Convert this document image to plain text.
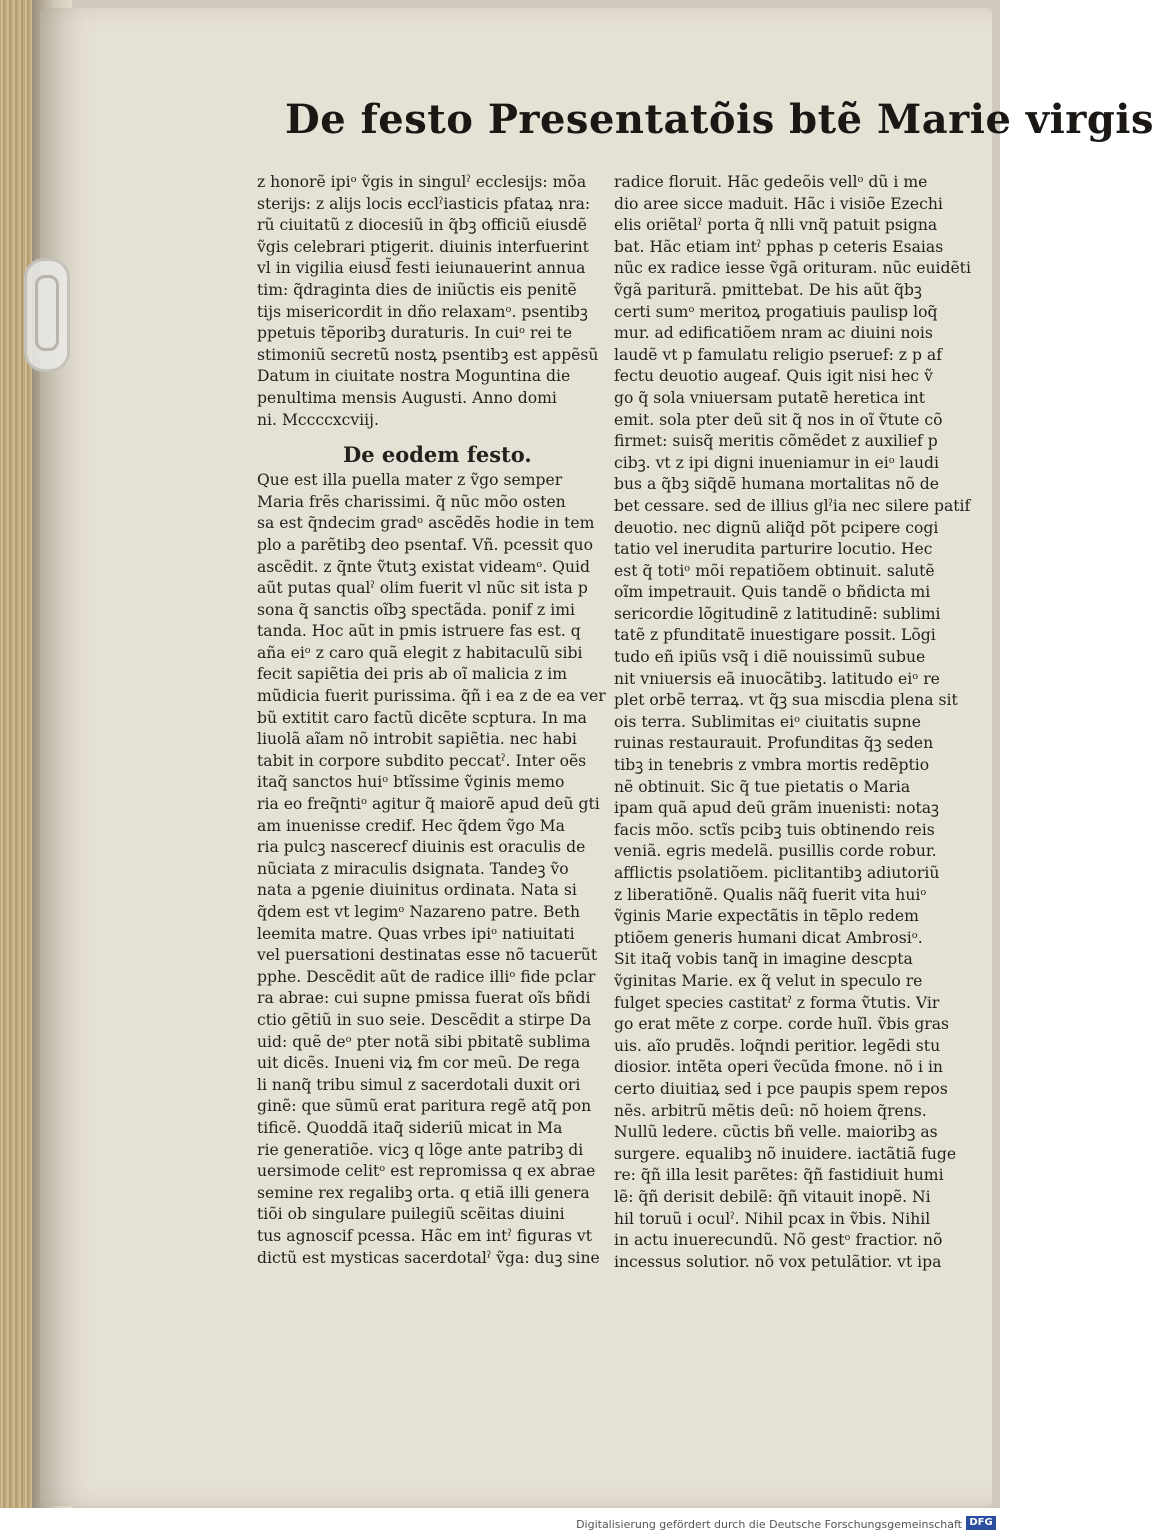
De festo Presentatõis btẽ Marie virgis
z honorẽ ipiᵒ ṽgis in singulˀ ecclesijs: mõa
sterijs: z alijs locis ecclˀiasticis pfataꝝ nra:
rũ ciuitatũ z diocesiũ in q̃bꝫ officiũ eiusdẽ
ṽgis celebrari ptigerit. diuinis interfuerint
vl in vigilia eiusd̃ festi ieiunauerint annua
tim: q̃draginta dies de iniũctis eis penitẽ
tijs misericordit in dño relaxamᵒ. psentibꝫ
ppetuis tẽporibꝫ duraturis. In cuiᵒ rei te
stimoniũ secretũ nostꝝ psentibꝫ est appẽsũ
Datum in ciuitate nostra Moguntina die
penultima mensis Augusti. Anno domi
ni. Mccccxcviij.
De eodem festo.
Que est illa puella mater z ṽgo semper
Maria frẽs charissimi. q̃ nũc mõo osten
sa est q̃ndecim gradᵒ ascẽdẽs hodie in tem
plo a parẽtibꝫ deo psentaf. Vñ. pcessit quo
ascẽdit. z q̃nte ṽtutꝫ existat videamᵒ. Quid
aũt putas qualˀ olim fuerit vl nũc sit ista p
sona q̃ sanctis oĩbꝫ spectãda. ponif z imi
tanda. Hoc aũt in pmis istruere fas est. q
aña eiᵒ z caro quã elegit z habitaculũ sibi
fecit sapiẽtia dei pris ab oĩ malicia z im
mũdicia fuerit purissima. q̃ñ i ea z de ea ver
bũ extitit caro factũ dicẽte scptura. In ma
liuolã aĩam nõ introbit sapiẽtia. nec habi
tabit in corpore subdito peccatˀ. Inter oẽs
itaq̃ sanctos huiᵒ btĩssime ṽginis memo
ria eo freq̃ntiᵒ agitur q̃ maiorẽ apud deũ gti
am inuenisse credif. Hec q̃dem ṽgo Ma
ria pulcꝫ nascerecf diuinis est oraculis de
nũciata z miraculis dsignata. Tandeꝫ ṽo
nata a pgenie diuinitus ordinata. Nata si
q̃dem est vt legimᵒ Nazareno patre. Beth
leemita matre. Quas vrbes ipiᵒ natiuitati
vel puersationi destinatas esse nõ tacuerũt
pphe. Descẽdit aũt de radice illiᵒ fide pclar
ra abrae: cui supne pmissa fuerat oĩs bñdi
ctio gẽtiũ in suo seie. Descẽdit a stirpe Da
uid: quẽ deᵒ pter notã sibi pbitatẽ sublima
uit dicẽs. Inueni viꝝ ẜm cor meũ. De rega
li nanq̃ tribu simul z sacerdotali duxit ori
ginẽ: que sũmũ erat paritura regẽ atq̃ pon
tificẽ. Quoddã itaq̃ sideriũ micat in Ma
rie generatiõe. vicꝫ q lõge ante patribꝫ di
uersimode celitᵒ est repromissa q ex abrae
semine rex regalibꝫ orta. q etiã illi genera
tiõi ob singulare puilegiũ scẽitas diuini
tus agnoscif pcessa. Hãc em intˀ figuras vt
dictũ est mysticas sacerdotalˀ ṽga: duꝫ sine
radice floruit. Hãc gedeõis vellᵒ dũ i me
dio aree sicce maduit. Hãc i visiõe Ezechi
elis oriẽtalˀ porta q̃ nlli vnq̃ patuit psigna
bat. Hãc etiam intˀ pphas p ceteris Esaias
nũc ex radice iesse ṽgã orituram. nũc euidẽti
ṽgã pariturã. pmittebat. De his aũt q̃bꝫ
certi sumᵒ meritoꝝ progatiuis paulisp loq̃
mur. ad edificatiõem nram ac diuini nois
laudẽ vt p famulatu religio pseruef: z p af
fectu deuotio augeaf. Quis igit nisi hec ṽ
go q̃ sola vniuersam putatẽ heretica int
emit. sola pter deũ sit q̃ nos in oĩ ṽtute cõ
firmet: suisq̃ meritis cõmẽdet z auxilief p
cibꝫ. vt z ipi digni inueniamur in eiᵒ laudi
bus a q̃bꝫ siq̃dẽ humana mortalitas nõ de
bet cessare. sed de illius glˀia nec silere patif
deuotio. nec dignũ aliq̃d põt pcipere cogi
tatio vel inerudita parturire locutio. Hec
est q̃ totiᵒ mõi repatiõem obtinuit. salutẽ
oĩm impetrauit. Quis tandẽ o bñdicta mi
sericordie lõgitudinẽ z latitudinẽ: sublimi
tatẽ z pfunditatẽ inuestigare possit. Lõgi
tudo eñ ipiũs vsq̃ i diẽ nouissimũ subue
nit vniuersis eã inuocãtibꝫ. latitudo eiᵒ re
plet orbẽ terraꝝ. vt q̃ꝫ sua miscdia plena sit
ois terra. Sublimitas eiᵒ ciuitatis supne
ruinas restaurauit. Profunditas q̃ꝫ seden
tibꝫ in tenebris z vmbra mortis redẽptio
nẽ obtinuit. Sic q̃ tue pietatis o Maria
ipam quã apud deũ grãm inuenisti: notaꝫ
facis mõo. sctĩs pcibꝫ tuis obtinendo reis
veniã. egris medelã. pusillis corde robur.
afflictis psolatiõem. piclitantibꝫ adiutoriũ
z liberatiõnẽ. Qualis nãq̃ fuerit vita huiᵒ
ṽginis Marie expectãtis in tẽplo redem
ptiõem generis humani dicat Ambrosiᵒ.
Sit itaq̃ vobis tanq̃ in imagine descpta
ṽginitas Marie. ex q̃ velut in speculo re
fulget species castitatˀ z forma ṽtutis. Vir
go erat mẽte z corpe. corde huĩl. ṽbis gras
uis. aĩo prudẽs. loq̃ndi peritior. legẽdi stu
diosior. intẽta operi ṽecũda ẜmone. nõ i in
certo diuitiaꝝ sed i pce paupis spem repos
nẽs. arbitrũ mẽtis deũ: nõ hoiem q̃rens.
Nullũ ledere. cũctis bñ velle. maioribꝫ as
surgere. equalibꝫ nõ inuidere. iactãtiã fuge
re: q̃ñ illa lesit parẽtes: q̃ñ fastidiuit humi
lẽ: q̃ñ derisit debilẽ: q̃ñ vitauit inopẽ. Ni
hil toruũ i oculˀ. Nihil pcax in ṽbis. Nihil
in actu inuerecundũ. Nõ gestᵒ fractior. nõ
incessus solutior. nõ vox petulãtior. vt ipa
Digitalisierung gefördert durch die Deutsche Forschungsgemeinschaft DFG
